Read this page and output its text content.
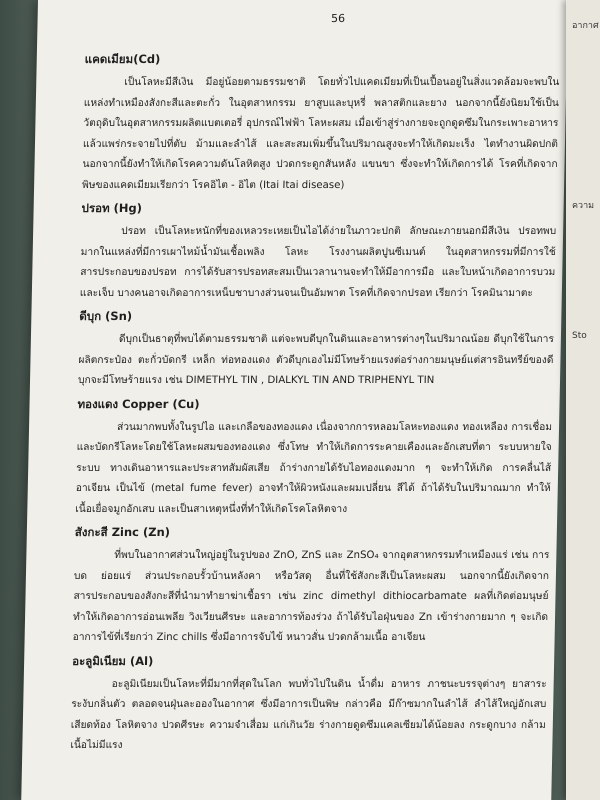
56
แคดเมียม(Cd)

เป็นโลหะมีสีเงิน มีอยู่น้อยตามธรรมชาติ โดยทั่วไปแคดเมียมที่เป็นเปื้อนอยู่ในสิ่งแวดล้อมจะพบในแหล่งทำเหมืองสังกะสีและตะกั่ว ในอุตสาหกรรม ยาสูบและบุหรี่ พลาสติกและยาง นอกจากนี้ยังนิยมใช้เป็นวัตถุดิบในอุตสาหกรรมผลิตแบตเตอรี่ อุปกรณ์ไฟฟ้า โลหะผสม เมื่อเข้าสู่ร่างกายจะถูกดูดซึมในกระเพาะอาหาร แล้วแพร่กระจายไปที่ตับ ม้ามและลำไส้ และสะสมเพิ่มขึ้นในปริมาณสูงจะทำให้เกิดมะเร็ง ไตทำงานผิดปกตินอกจากนี้ยังทำให้เกิดโรคความดันโลหิตสูง ปวดกระดูกสันหลัง แขนขา ซึ่งจะทำให้เกิดการได้ โรคที่เกิดจากพิษของแคดเมียมเรียกว่า โรคอิไต - อิไต (Itai Itai disease)

ปรอท (Hg)

ปรอท เป็นโลหะหนักที่ของเหลวระเหยเป็นไอได้ง่ายในภาวะปกติ ลักษณะภายนอกมีสีเงิน ปรอทพบมากในแหล่งที่มีการเผาไหม้น้ำมันเชื้อเพลิง โลหะ โรงงานผลิตปูนซีเมนต์ ในอุตสาหกรรมที่มีการใช้สารประกอบของปรอท การได้รับสารปรอทสะสมเป็นเวลานานจะทำให้มีอาการมือ และใบหน้าเกิดอาการบวมและเจ็บ บางคนอาจเกิดอาการเหน็บชาบางส่วนจนเป็นอัมพาต โรคที่เกิดจากปรอท เรียกว่า โรคมินามาตะ

ดีบุก (Sn)

ดีบุกเป็นธาตุที่พบได้ตามธรรมชาติ แต่จะพบดีบุกในดินและอาหารต่างๆในปริมาณน้อย ดีบุกใช้ในการผลิตกระป๋อง ตะกั่วบัดกรี เหล็ก ท่อทองแดง ตัวดีบุกเองไม่มีโทษร้ายแรงต่อร่างกายมนุษย์แต่สารอินทรีย์ของดีบุกจะมีโทษร้ายแรง เช่น DIMETHYL TIN , DIALKYL TIN AND TRIPHENYL TIN

ทองแดง Copper (Cu)

ส่วนมากพบทั้งในรูปไอ และเกลือของทองแดง เนื่องจากการหลอมโลหะทองแดง ทองเหลือง การเชื่อมและบัดกรีโลหะโดยใช้โลหะผสมของทองแดง ซึ่งโทษ ทำให้เกิดการระคายเคืองและอักเสบที่ตา ระบบหายใจระบบ ทางเดินอาหารและประสาทสัมผัสเสีย ถ้าร่างกายได้รับไอทองแดงมาก ๆ จะทำให้เกิด การคลื่นไส้อาเจียน เป็นไข้ (metal fume fever) อาจทำให้ผิวหนังและผมเปลี่ยน สีได้ ถ้าได้รับในปริมาณมาก ทำให้เนื้อเยื่อจมูกอักเสบ และเป็นสาเหตุหนึ่งที่ทำให้เกิดโรคโลหิตจาง

สังกะสี Zinc (Zn)

ที่พบในอากาศส่วนใหญ่อยู่ในรูปของ ZnO, ZnS และ ZnSO₄ จากอุตสาหกรรมทำเหมืองแร่ เช่น การบด ย่อยแร่ ส่วนประกอบรั้วบ้านหลังคา หรือวัสดุ อื่นที่ใช้สังกะสีเป็นโลหะผสม นอกจากนี้ยังเกิดจากสารประกอบของสังกะสีที่นำมาทำยาฆ่าเชื้อรา เช่น zinc dimethyl dithiocarbamate ผลที่เกิดต่อมนุษย์ทำให้เกิดอาการอ่อนเพลีย วิงเวียนศีรษะ และอาการท้องร่วง ถ้าได้รับไอฝุ่นของ Zn เข้าร่างกายมาก ๆ จะเกิดอาการไข้ที่เรียกว่า Zinc chills ซึ่งมีอาการจับไข้ หนาวสั่น ปวดกล้ามเนื้อ อาเจียน

อะลูมิเนียม (Al)

อะลูมิเนียมเป็นโลหะที่มีมากที่สุดในโลก พบทั่วไปในดิน น้ำดื่ม อาหาร ภาชนะบรรจุต่างๆ ยาสาระระงับกลิ่นตัว ตลอดจนฝุ่นละอองในอากาศ ซึ่งมีอาการเป็นพิษ กล่าวคือ มีก๊าซมากในลำไส้ ลำไส้ใหญ่อักเสบ เสียดท้อง โลหิตจาง ปวดศีรษะ ความจำเสื่อม แก่เกินวัย ร่างกายดูดซึมแคลเซียมได้น้อยลง กระดูกบาง กล้ามเนื้อไม่มีแรง

อากาศ
ความ
Sto
